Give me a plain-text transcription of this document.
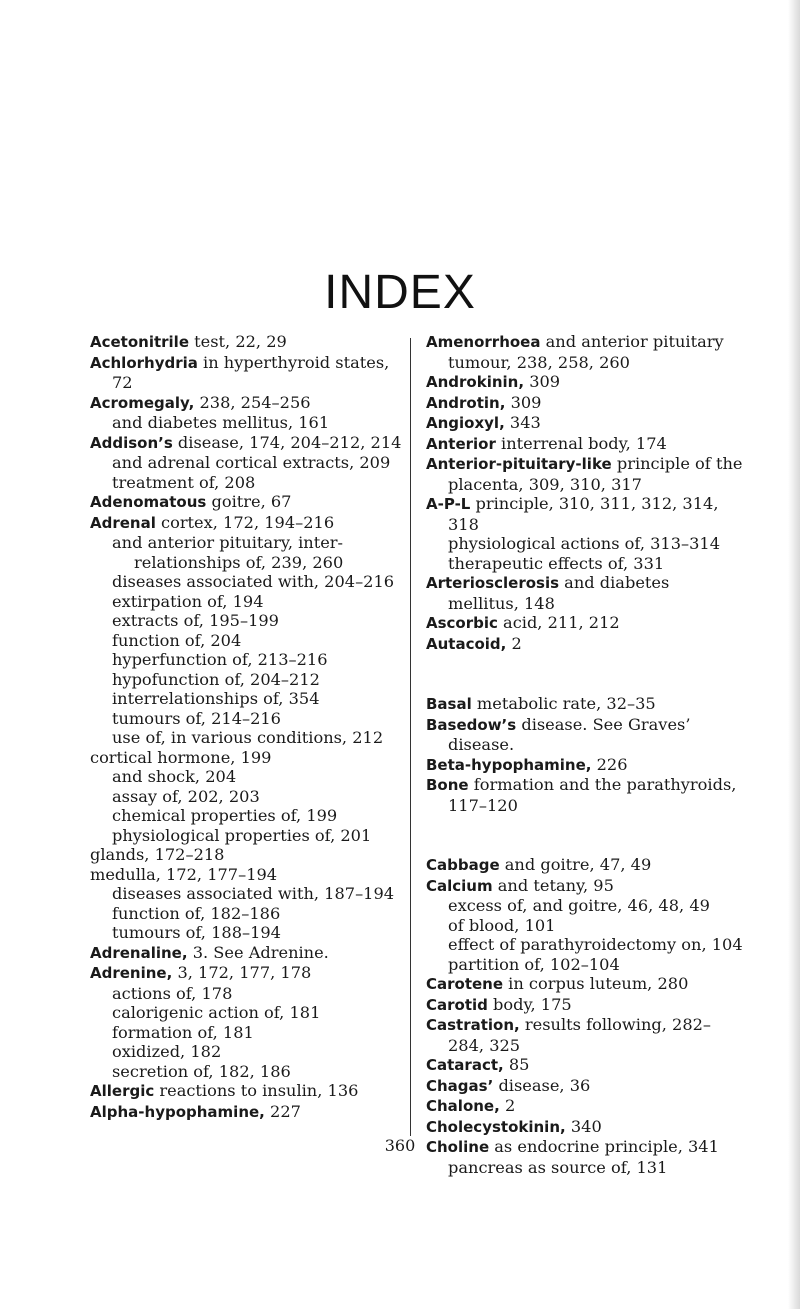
INDEX
Acetonitrile test, 22, 29
Achlorhydria in hyperthyroid states, 72
Acromegaly, 238, 254–256
and diabetes mellitus, 161
Addison’s disease, 174, 204–212, 214
and adrenal cortical extracts, 209
treatment of, 208
Adenomatous goitre, 67
Adrenal cortex, 172, 194–216
and anterior pituitary, inter-relationships of, 239, 260
diseases associated with, 204–216
extirpation of, 194
extracts of, 195–199
function of, 204
hyperfunction of, 213–216
hypofunction of, 204–212
interrelationships of, 354
tumours of, 214–216
use of, in various conditions, 212
cortical hormone, 199
and shock, 204
assay of, 202, 203
chemical properties of, 199
physiological properties of, 201
glands, 172–218
medulla, 172, 177–194
diseases associated with, 187–194
function of, 182–186
tumours of, 188–194
Adrenaline, 3. See Adrenine.
Adrenine, 3, 172, 177, 178
actions of, 178
calorigenic action of, 181
formation of, 181
oxidized, 182
secretion of, 182, 186
Allergic reactions to insulin, 136
Alpha-hypophamine, 227
Amenorrhoea and anterior pituitary tumour, 238, 258, 260
Androkinin, 309
Androtin, 309
Angioxyl, 343
Anterior interrenal body, 174
Anterior-pituitary-like principle of the placenta, 309, 310, 317
A-P-L principle, 310, 311, 312, 314, 318
physiological actions of, 313–314
therapeutic effects of, 331
Arteriosclerosis and diabetes mellitus, 148
Ascorbic acid, 211, 212
Autacoid, 2
Basal metabolic rate, 32–35
Basedow’s disease. See Graves’ disease.
Beta-hypophamine, 226
Bone formation and the parathyroids, 117–120
Cabbage and goitre, 47, 49
Calcium and tetany, 95
excess of, and goitre, 46, 48, 49
of blood, 101
effect of parathyroidectomy on, 104
partition of, 102–104
Carotene in corpus luteum, 280
Carotid body, 175
Castration, results following, 282–284, 325
Cataract, 85
Chagas’ disease, 36
Chalone, 2
Cholecystokinin, 340
Choline as endocrine principle, 341
pancreas as source of, 131
360
